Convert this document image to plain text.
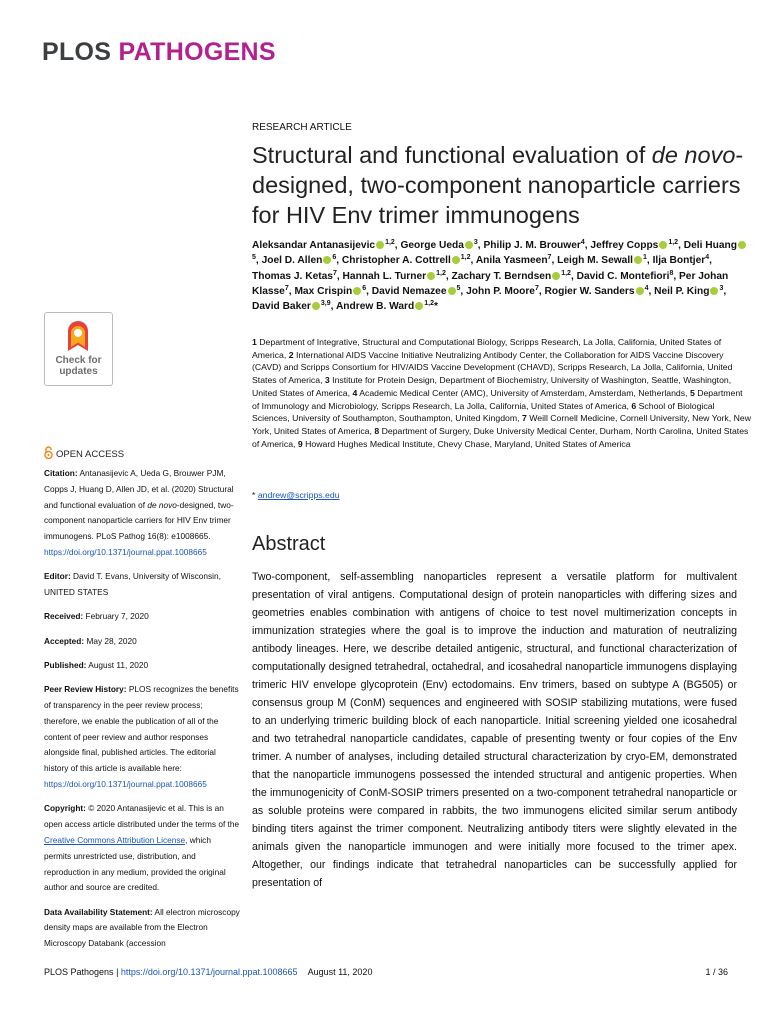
PLOS PATHOGENS
RESEARCH ARTICLE
Structural and functional evaluation of de novo-designed, two-component nanoparticle carriers for HIV Env trimer immunogens
Aleksandar Antanasijevic $^{1,2}$, George Ueda $^3$, Philip J. M. Brouwer$^4$, Jeffrey Copps $^{1,2}$, Deli Huang$^5$, Joel D. Allen $^6$, Christopher A. Cottrell $^{1,2}$, Anila Yasmeen$^7$, Leigh M. Sewall $^1$, Ilja Bontjer$^4$, Thomas J. Ketas$^7$, Hannah L. Turner $^{1,2}$, Zachary T. Berndsen $^{1,2}$, David C. Montefiori$^8$, Per Johan Klasse$^7$, Max Crispin $^6$, David Nemazee $^5$, John P. Moore$^7$, Rogier W. Sanders $^4$, Neil P. King $^3$, David Baker $^{3,9}$, Andrew B. Ward $^{1,2}$*
1 Department of Integrative, Structural and Computational Biology, Scripps Research, La Jolla, California, United States of America, 2 International AIDS Vaccine Initiative Neutralizing Antibody Center, the Collaboration for AIDS Vaccine Discovery (CAVD) and Scripps Consortium for HIV/AIDS Vaccine Development (CHAVD), Scripps Research, La Jolla, California, United States of America, 3 Institute for Protein Design, Department of Biochemistry, University of Washington, Seattle, Washington, United States of America, 4 Academic Medical Center (AMC), University of Amsterdam, Amsterdam, Netherlands, 5 Department of Immunology and Microbiology, Scripps Research, La Jolla, California, United States of America, 6 School of Biological Sciences, University of Southampton, Southampton, United Kingdom, 7 Weill Cornell Medicine, Cornell University, New York, New York, United States of America, 8 Department of Surgery, Duke University Medical Center, Durham, North Carolina, United States of America, 9 Howard Hughes Medical Institute, Chevy Chase, Maryland, United States of America
* andrew@scripps.edu
Abstract
Two-component, self-assembling nanoparticles represent a versatile platform for multivalent presentation of viral antigens. Computational design of protein nanoparticles with differing sizes and geometries enables combination with antigens of choice to test novel multimerization concepts in immunization strategies where the goal is to improve the induction and maturation of neutralizing antibody lineages. Here, we describe detailed antigenic, structural, and functional characterization of computationally designed tetrahedral, octahedral, and icosahedral nanoparticle immunogens displaying trimeric HIV envelope glycoprotein (Env) ectodomains. Env trimers, based on subtype A (BG505) or consensus group M (ConM) sequences and engineered with SOSIP stabilizing mutations, were fused to an underlying trimeric building block of each nanoparticle. Initial screening yielded one icosahedral and two tetrahedral nanoparticle candidates, capable of presenting twenty or four copies of the Env trimer. A number of analyses, including detailed structural characterization by cryo-EM, demonstrated that the nanoparticle immunogens possessed the intended structural and antigenic properties. When the immunogenicity of ConM-SOSIP trimers presented on a two-component tetrahedral nanoparticle or as soluble proteins were compared in rabbits, the two immunogens elicited similar serum antibody binding titers against the trimer component. Neutralizing antibody titers were slightly elevated in the animals given the nanoparticle immunogen and were initially more focused to the trimer apex. Altogether, our findings indicate that tetrahedral nanoparticles can be successfully applied for presentation of
Check for
updates
OPEN ACCESS

Citation: Antanasijevic A, Ueda G, Brouwer PJM, Copps J, Huang D, Allen JD, et al. (2020) Structural and functional evaluation of de novo-designed, two-component nanoparticle carriers for HIV Env trimer immunogens. PLoS Pathog 16(8): e1008665. https://doi.org/10.1371/journal.ppat.1008665

Editor: David T. Evans, University of Wisconsin, UNITED STATES

Received: February 7, 2020

Accepted: May 28, 2020

Published: August 11, 2020

Peer Review History: PLOS recognizes the benefits of transparency in the peer review process; therefore, we enable the publication of all of the content of peer review and author responses alongside final, published articles. The editorial history of this article is available here: https://doi.org/10.1371/journal.ppat.1008665

Copyright: © 2020 Antanasijevic et al. This is an open access article distributed under the terms of the Creative Commons Attribution License, which permits unrestricted use, distribution, and reproduction in any medium, provided the original author and source are credited.

Data Availability Statement: All electron microscopy density maps are available from the Electron Microscopy Databank (accession

PLOS Pathogens | https://doi.org/10.1371/journal.ppat.1008665 August 11, 2020	1 / 36
